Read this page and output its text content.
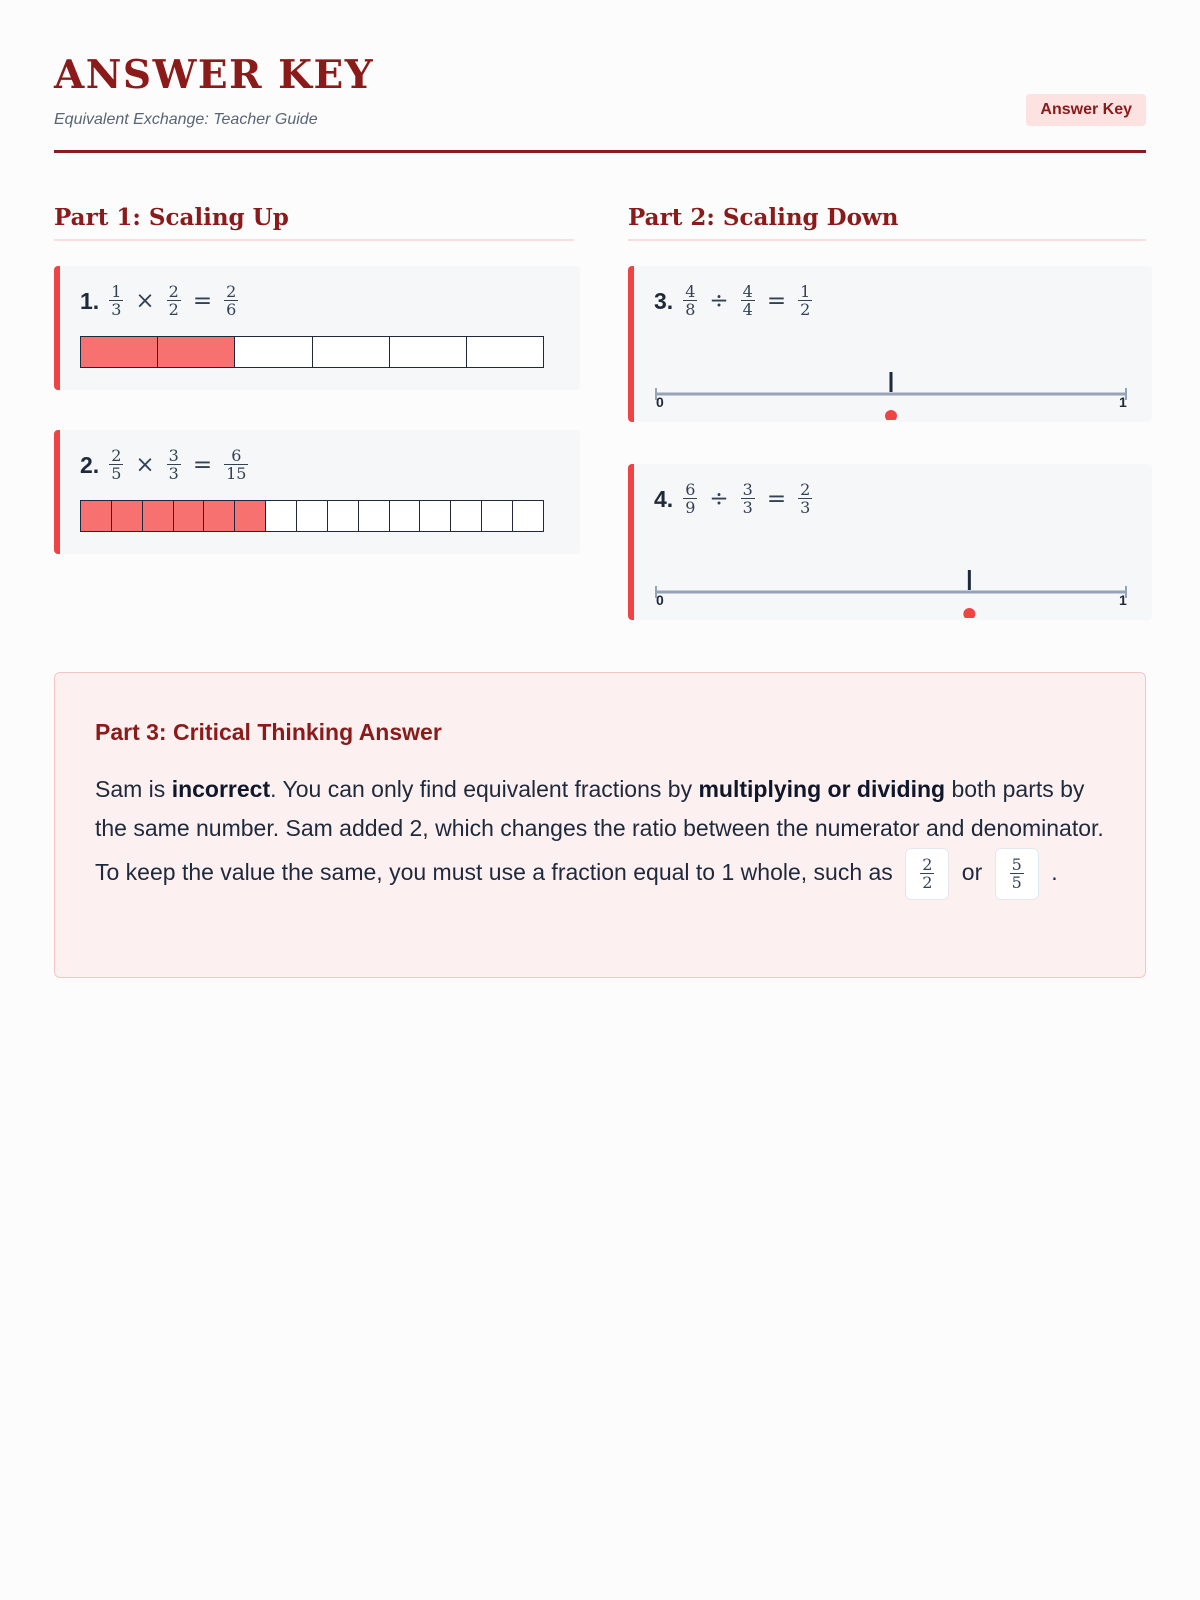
ANSWER KEY
Equivalent Exchange: Teacher Guide
Answer Key
Part 1: Scaling Up
1. $\frac{1}{3} \times \frac{2}{2} = \frac{2}{6}$
2. $\frac{2}{5} \times \frac{3}{3} = \frac{6}{15}$
Part 2: Scaling Down
3. $\frac{4}{8} \div \frac{4}{4} = \frac{1}{2}$
0	1
4. $\frac{6}{9} \div \frac{3}{3} = \frac{2}{3}$
0	1
Part 3: Critical Thinking Answer
Sam is incorrect. You can only find equivalent fractions by multiplying or dividing both parts by the same number. Sam added 2, which changes the ratio between the numerator and denominator. To keep the value the same, you must use a fraction equal to 1 whole, such as $\frac{2}{2}$ or $\frac{5}{5}$ .
